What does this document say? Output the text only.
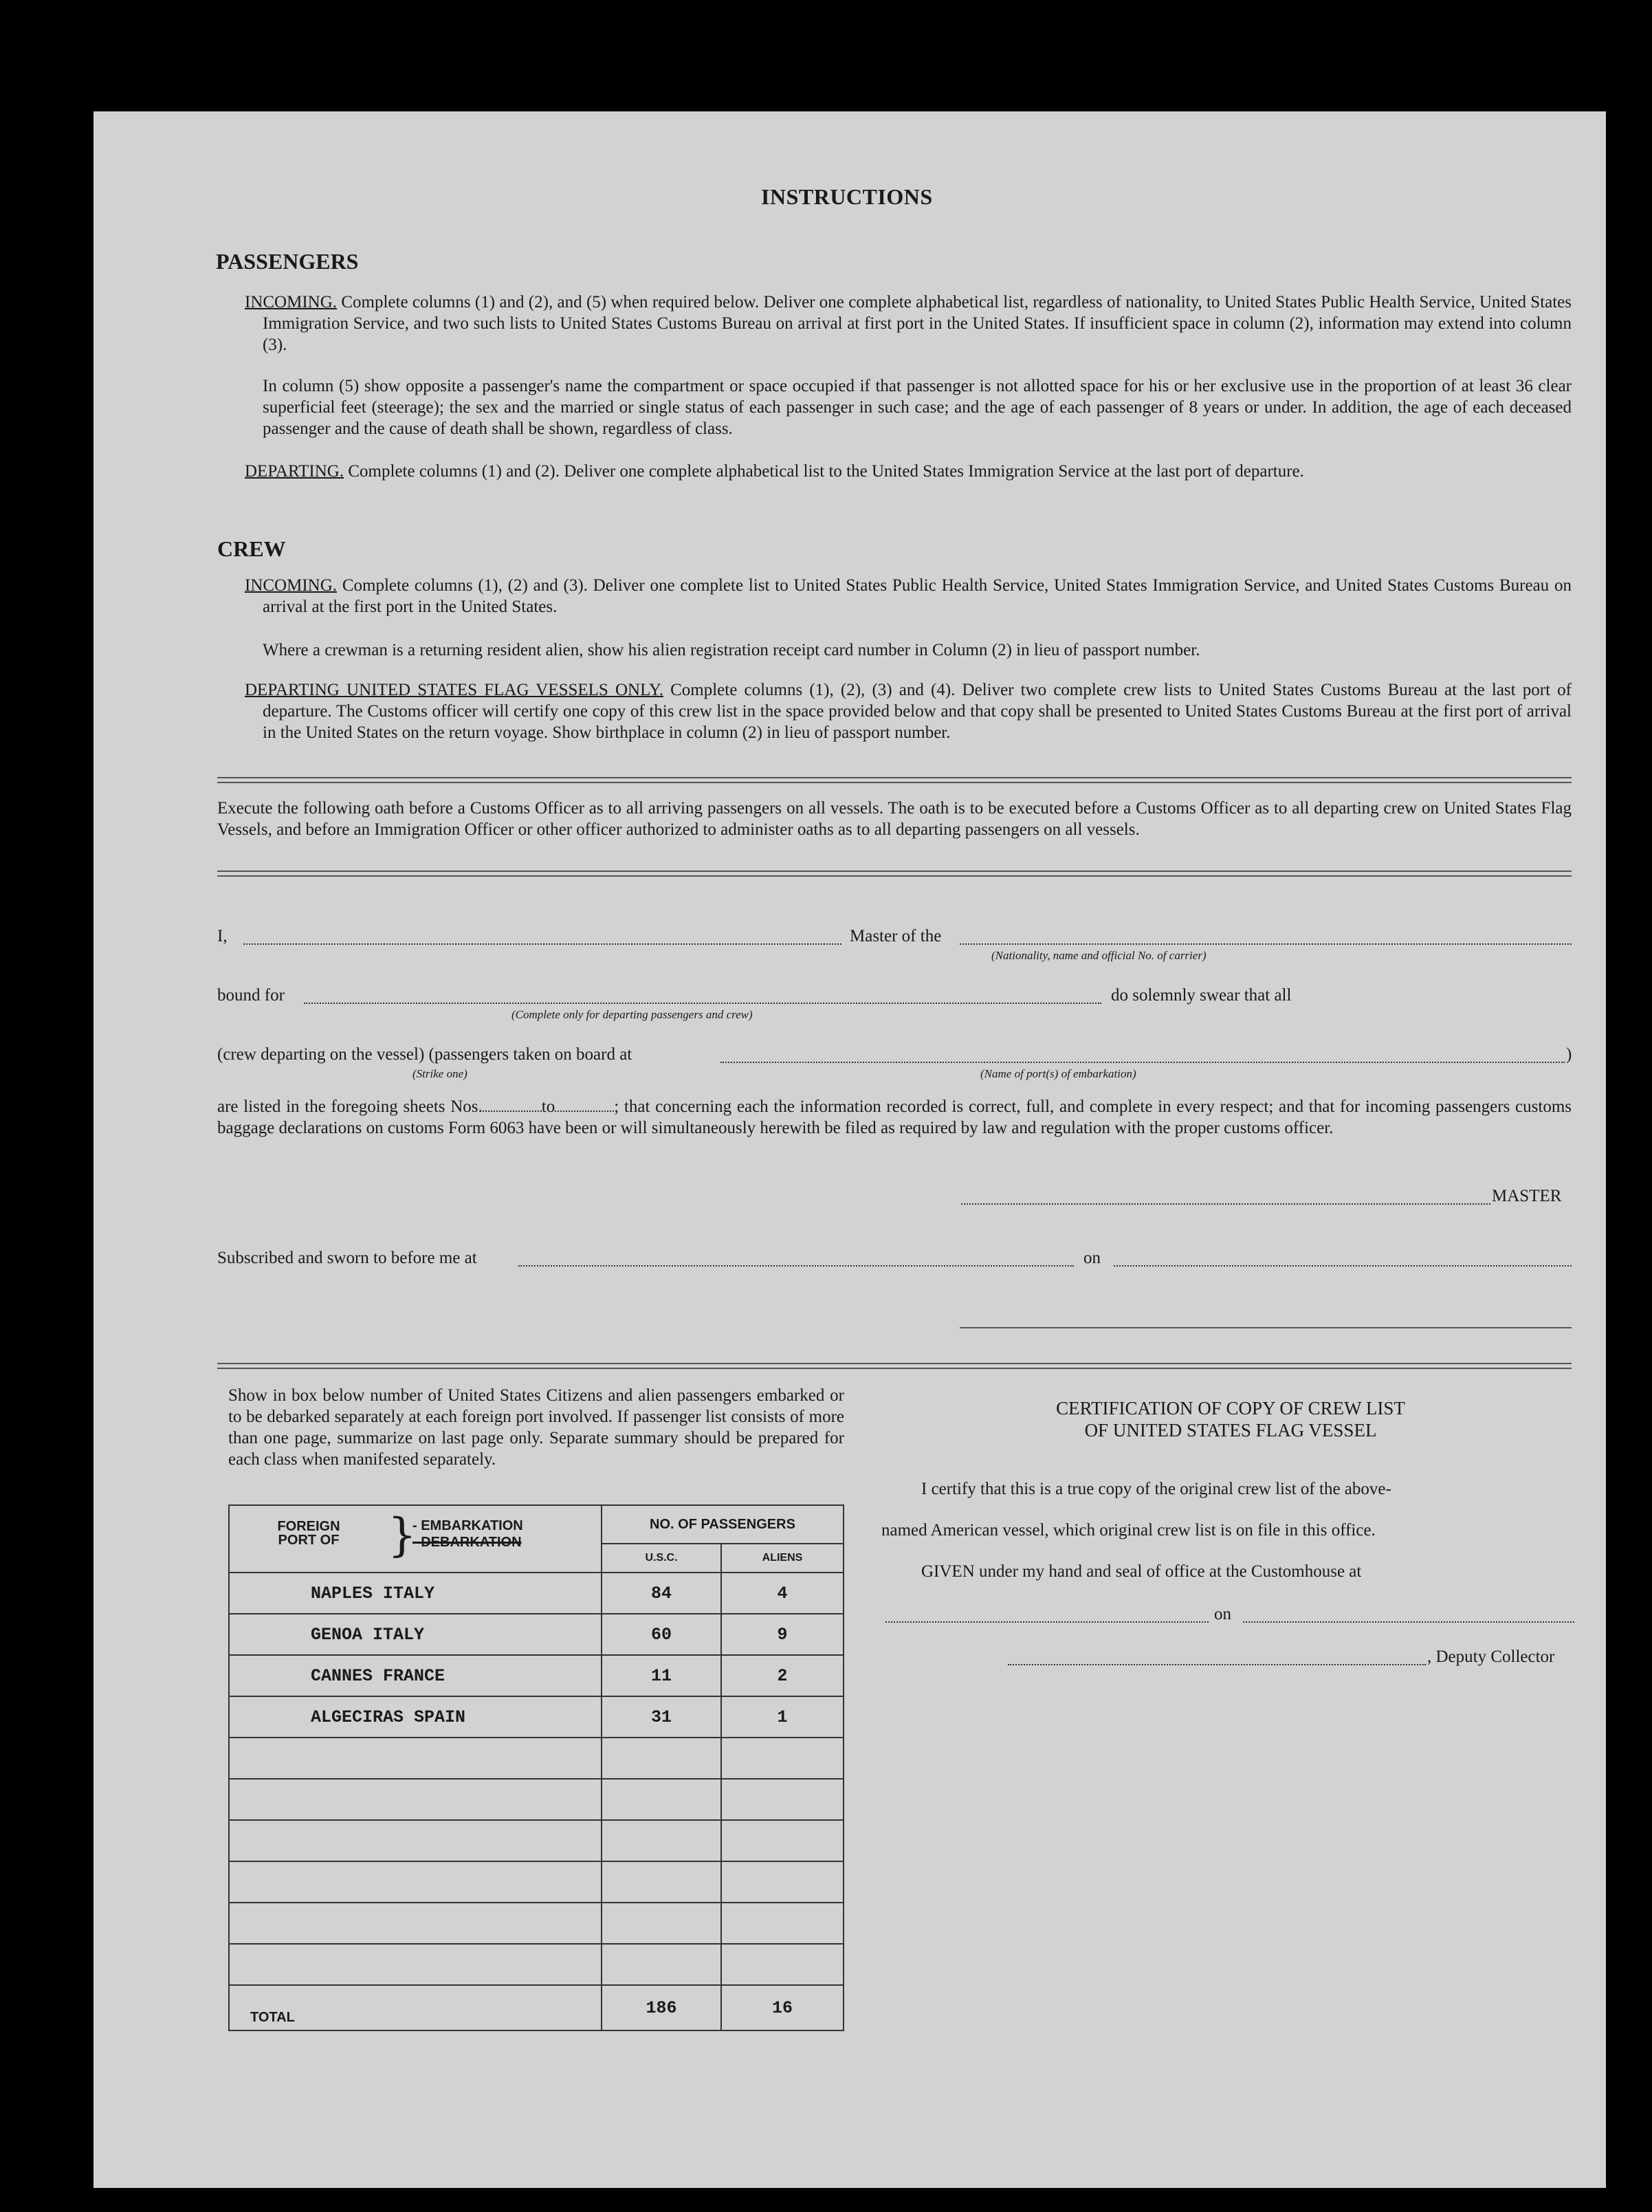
INSTRUCTIONS
PASSENGERS
INCOMING. Complete columns (1) and (2), and (5) when required below. Deliver one complete alphabetical list, regardless of nationality, to United States Public Health Service, United States Immigration Service, and two such lists to United States Customs Bureau on arrival at first port in the United States. If insufficient space in column (2), information may extend into column (3).
In column (5) show opposite a passenger's name the compartment or space occupied if that passenger is not allotted space for his or her exclusive use in the proportion of at least 36 clear superficial feet (steerage); the sex and the married or single status of each passenger in such case; and the age of each passenger of 8 years or under. In addition, the age of each deceased passenger and the cause of death shall be shown, regardless of class.
DEPARTING. Complete columns (1) and (2). Deliver one complete alphabetical list to the United States Immigration Service at the last port of departure.
CREW
INCOMING. Complete columns (1), (2) and (3). Deliver one complete list to United States Public Health Service, United States Immigration Service, and United States Customs Bureau on arrival at the first port in the United States.
Where a crewman is a returning resident alien, show his alien registration receipt card number in Column (2) in lieu of passport number.
DEPARTING UNITED STATES FLAG VESSELS ONLY. Complete columns (1), (2), (3) and (4). Deliver two complete crew lists to United States Customs Bureau at the last port of departure. The Customs officer will certify one copy of this crew list in the space provided below and that copy shall be presented to United States Customs Bureau at the first port of arrival in the United States on the return voyage. Show birthplace in column (2) in lieu of passport number.
Execute the following oath before a Customs Officer as to all arriving passengers on all vessels. The oath is to be executed before a Customs Officer as to all departing crew on United States Flag Vessels, and before an Immigration Officer or other officer authorized to administer oaths as to all departing passengers on all vessels.
I,	Master of the
(Nationality, name and official No. of carrier)
bound for
(Complete only for departing passengers and crew)
do solemnly swear that all
(crew departing on the vessel) (passengers taken on board at	)
(Strike one)	(Name of port(s) of embarkation)
are listed in the foregoing sheets Nos.	to	; that concerning each the information recorded is correct, full, and complete in every respect; and that for incoming passengers customs baggage declarations on customs Form 6063 have been or will simultaneously herewith be filed as required by law and regulation with the proper customs officer.
MASTER
Subscribed and sworn to before me at	on
Show in box below number of United States Citizens and alien passengers embarked or to be debarked separately at each foreign port involved. If passenger list consists of more than one page, summarize on last page only. Separate summary should be prepared for each class when manifested separately.
FOREIGN PORT OF }
- EMBARKATION
- DEBARKATION	NO. OF PASSENGERS	
	U.S.C.	ALIENS
NAPLES ITALY	84	4
GENOA ITALY	60	9
CANNES FRANCE	11	2
ALGECIRAS SPAIN	31	1

TOTAL	186	16
CERTIFICATION OF COPY OF CREW LIST
OF UNITED STATES FLAG VESSEL
I certify that this is a true copy of the original crew list of the above-
named American vessel, which original crew list is on file in this office.
GIVEN under my hand and seal of office at the Customhouse at
on
, Deputy Collector
